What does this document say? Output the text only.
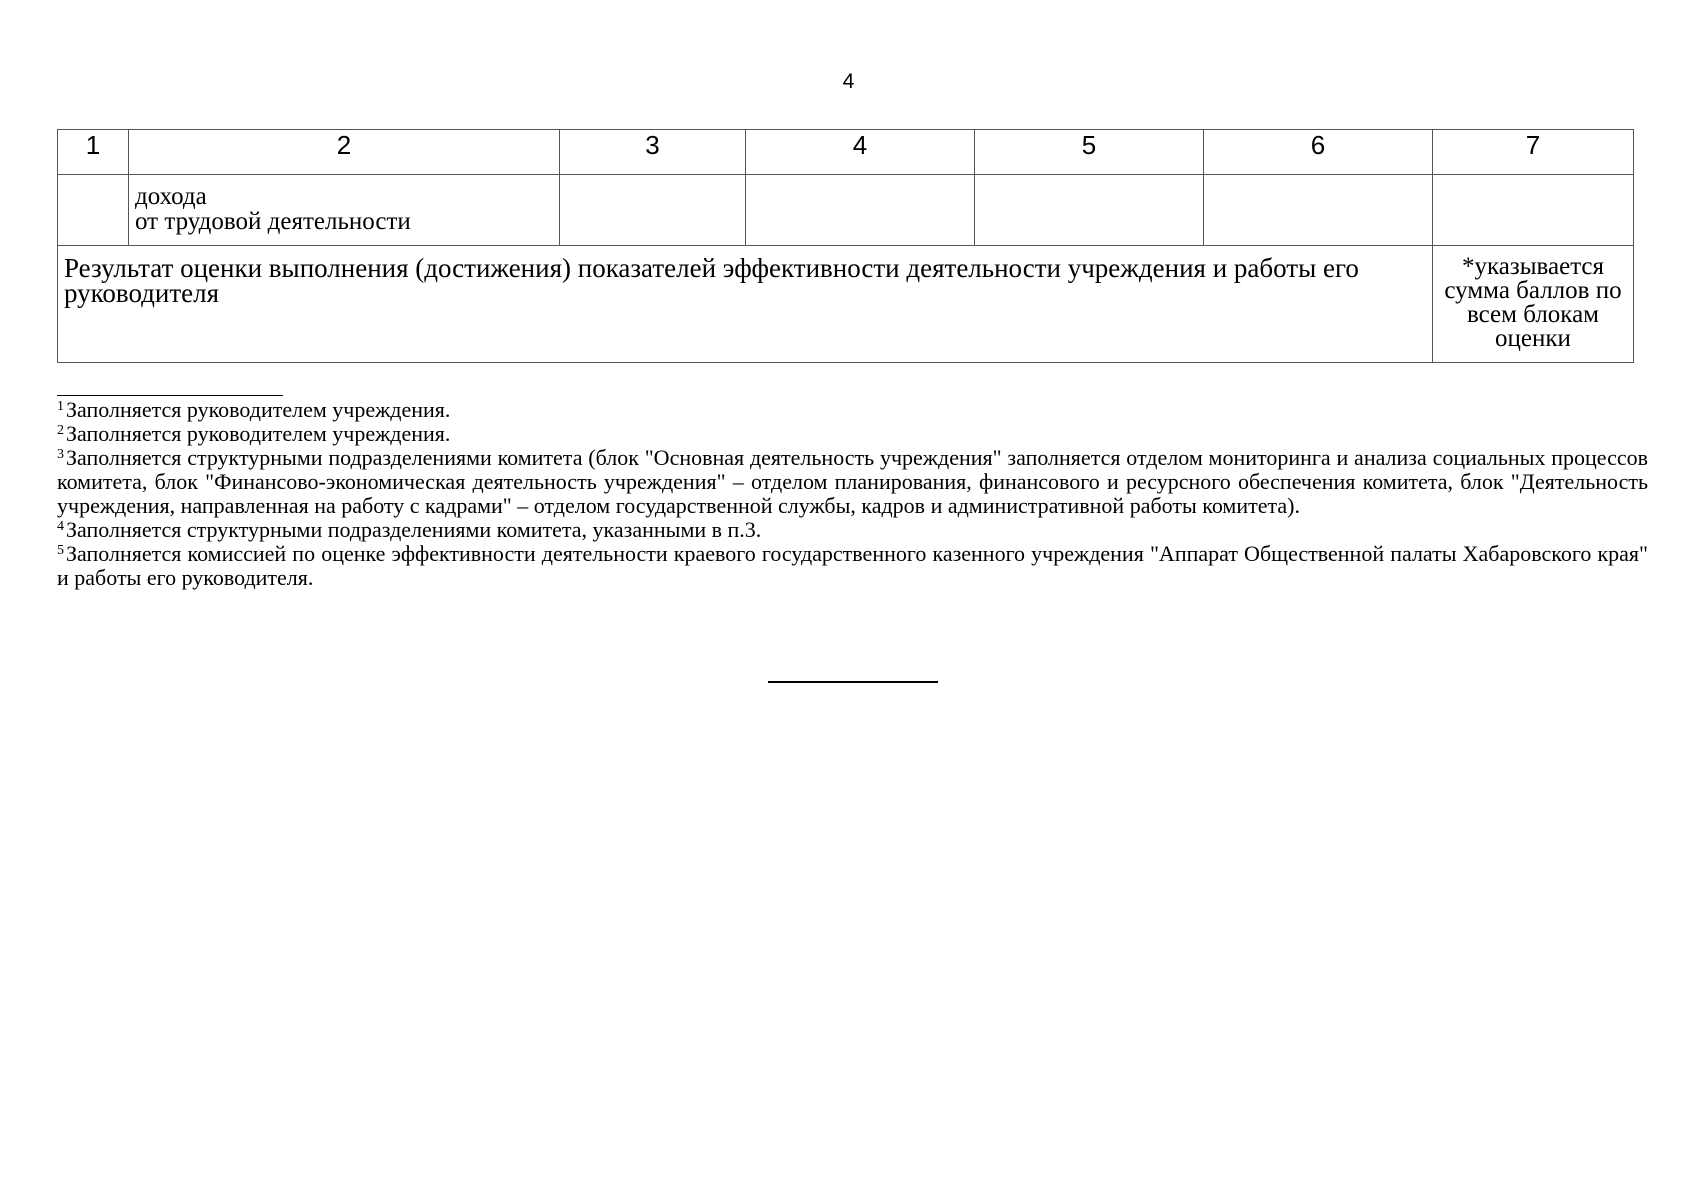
4
1	2	3	4	5	6	7

	дохода
от трудовой деятельности					

Результат оценки выполнения (достижения) показателей эффективности деятельности учреждения и работы его руководителя						*указывается сумма баллов по всем блокам оценки

$^1$Заполняется руководителем учреждения.

$^2$Заполняется руководителем учреждения.

$^3$Заполняется структурными подразделениями комитета (блок "Основная деятельность учреждения" заполняется отделом мониторинга и анализа социальных процессов комитета, блок "Финансово-экономическая деятельность учреждения" – отделом планирования, финансового и ресурсного обеспечения комитета, блок "Деятельность учреждения, направленная на работу с кадрами" – отделом государственной службы, кадров и административной работы комитета).

$^4$Заполняется структурными подразделениями комитета, указанными в п.3.

$^5$Заполняется комиссией по оценке эффективности деятельности краевого государственного казенного учреждения "Аппарат Общественной палаты Хабаровского края" и работы его руководителя.
